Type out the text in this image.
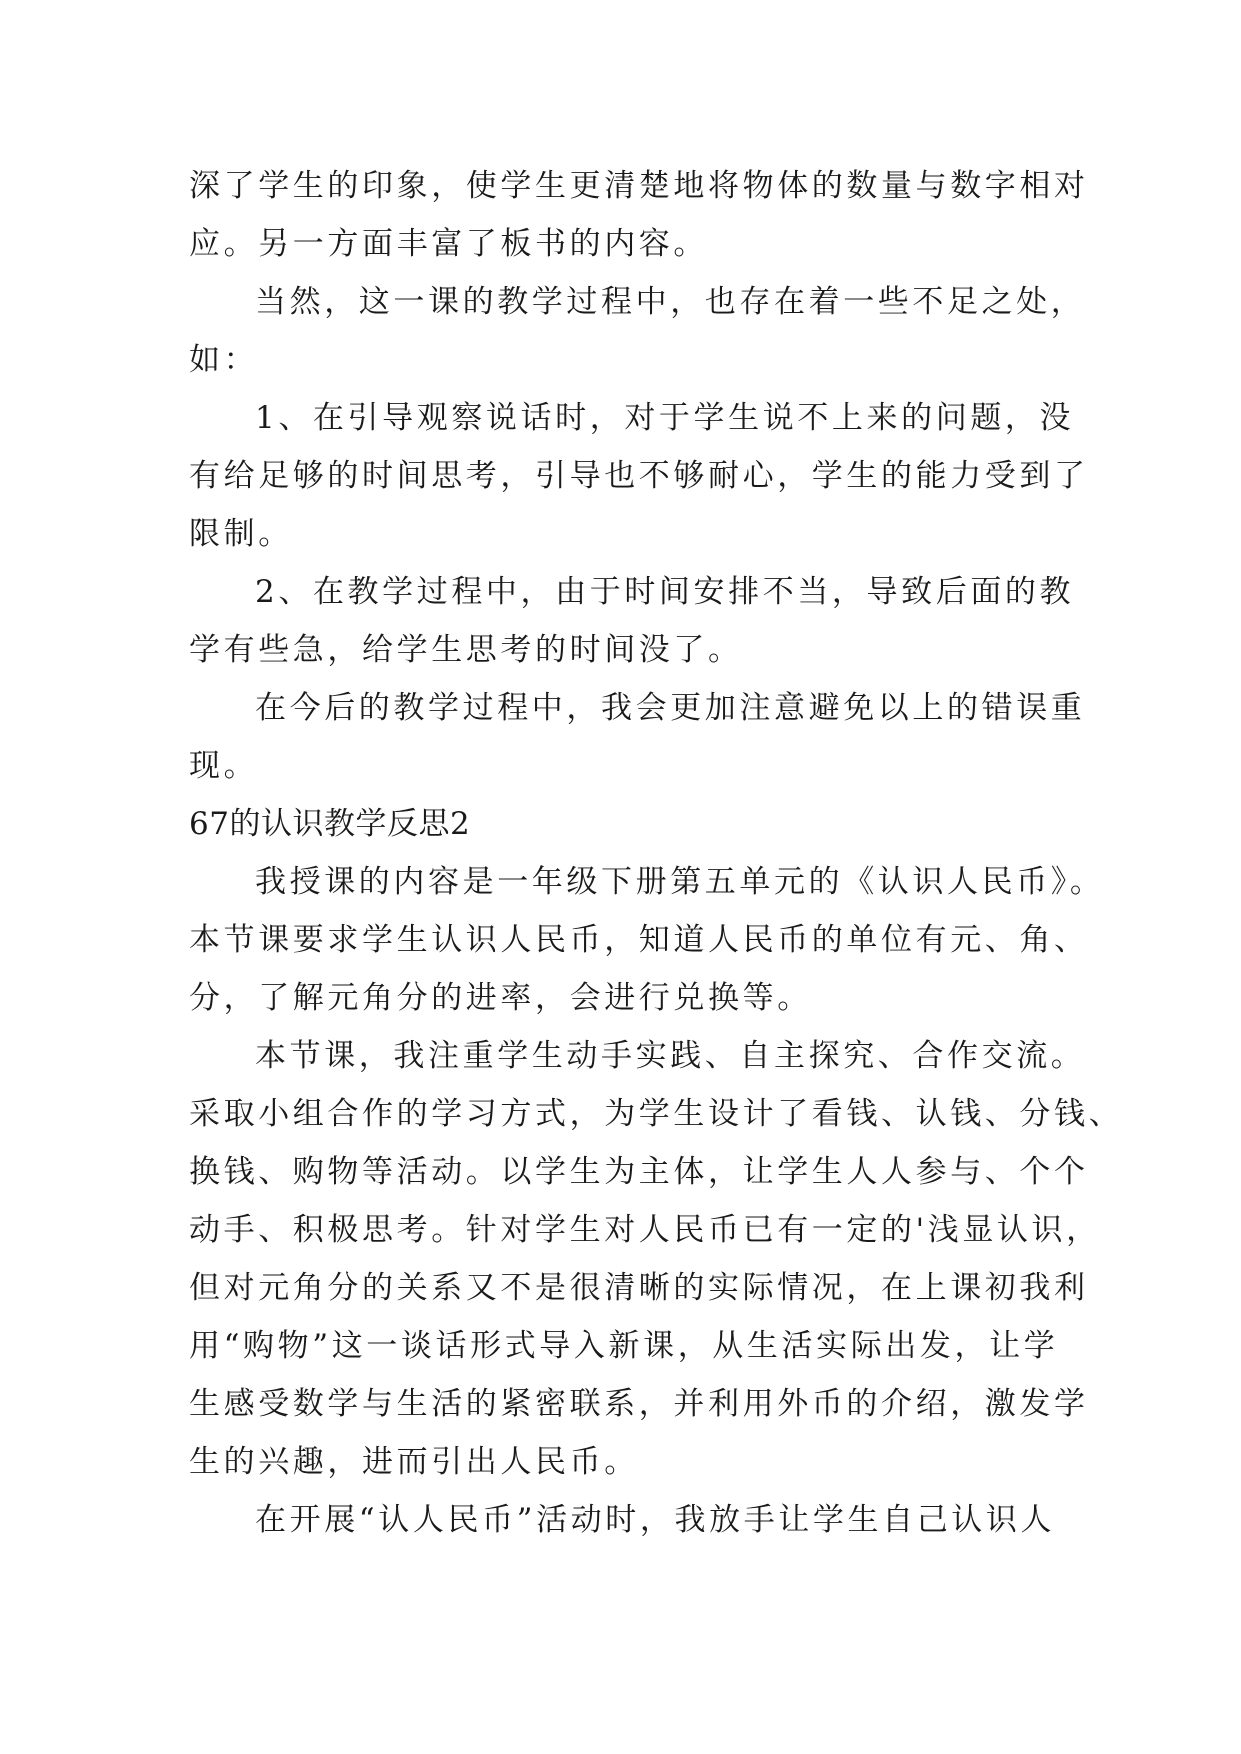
深了学生的印象，使学生更清楚地将物体的数量与数字相对
应。另一方面丰富了板书的内容。
当然，这一课的教学过程中，也存在着一些不足之处，
如：
1、在引导观察说话时，对于学生说不上来的问题，没
有给足够的时间思考，引导也不够耐心，学生的能力受到了
限制。
2、在教学过程中，由于时间安排不当，导致后面的教
学有些急，给学生思考的时间没了。
在今后的教学过程中，我会更加注意避免以上的错误重
现。
67的认识教学反思2
我授课的内容是一年级下册第五单元的《认识人民币》。
本节课要求学生认识人民币，知道人民币的单位有元、角、
分，了解元角分的进率，会进行兑换等。
本节课，我注重学生动手实践、自主探究、合作交流。
采取小组合作的学习方式，为学生设计了看钱、认钱、分钱、
换钱、购物等活动。以学生为主体，让学生人人参与、个个
动手、积极思考。针对学生对人民币已有一定的'浅显认识，
但对元角分的关系又不是很清晰的实际情况，在上课初我利
用“购物”这一谈话形式导入新课，从生活实际出发，让学
生感受数学与生活的紧密联系，并利用外币的介绍，激发学
生的兴趣，进而引出人民币。
在开展“认人民币”活动时，我放手让学生自己认识人
